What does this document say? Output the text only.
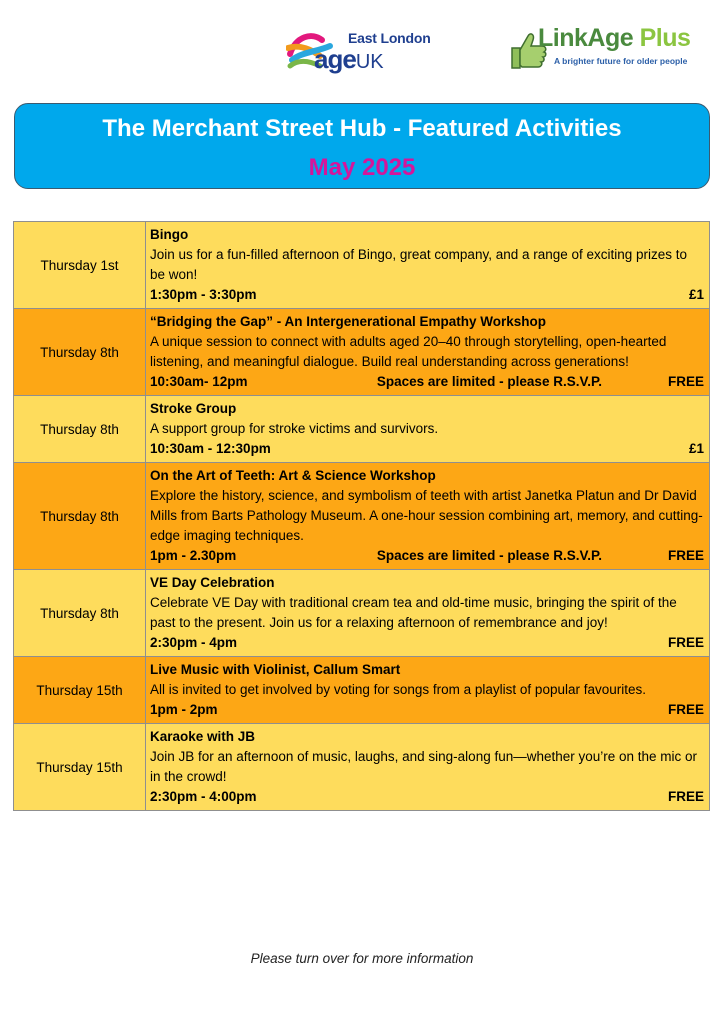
East London
ageUK
LinkAge Plus
A brighter future for older people
The Merchant Street Hub - Featured Activities
May 2025
Thursday 1st	Bingo
Join us for a fun-filled afternoon of Bingo, great company, and a range of exciting prizes to be won!
1:30pm - 3:30pm £1

Thursday 8th	“Bridging the Gap” - An Intergenerational Empathy Workshop
A unique session to connect with adults aged 20–40 through storytelling, open-hearted listening, and meaningful dialogue. Build real understanding across generations!
10:30am- 12pm Spaces are limited - please R.S.V.P. FREE

Thursday 8th	Stroke Group
A support group for stroke victims and survivors.
10:30am - 12:30pm £1

Thursday 8th	On the Art of Teeth: Art & Science Workshop
Explore the history, science, and symbolism of teeth with artist Janetka Platun and Dr David Mills from Barts Pathology Museum. A one-hour session combining art, memory, and cutting-edge imaging techniques.
1pm - 2.30pm Spaces are limited - please R.S.V.P. FREE

Thursday 8th	VE Day Celebration
Celebrate VE Day with traditional cream tea and old-time music, bringing the spirit of the past to the present. Join us for a relaxing afternoon of remembrance and joy!
2:30pm - 4pm FREE

Thursday 15th	Live Music with Violinist, Callum Smart
All is invited to get involved by voting for songs from a playlist of popular favourites.
1pm - 2pm FREE

Thursday 15th	Karaoke with JB
Join JB for an afternoon of music, laughs, and sing-along fun—whether you’re on the mic or in the crowd!
2:30pm - 4:00pm FREE
Please turn over for more information
